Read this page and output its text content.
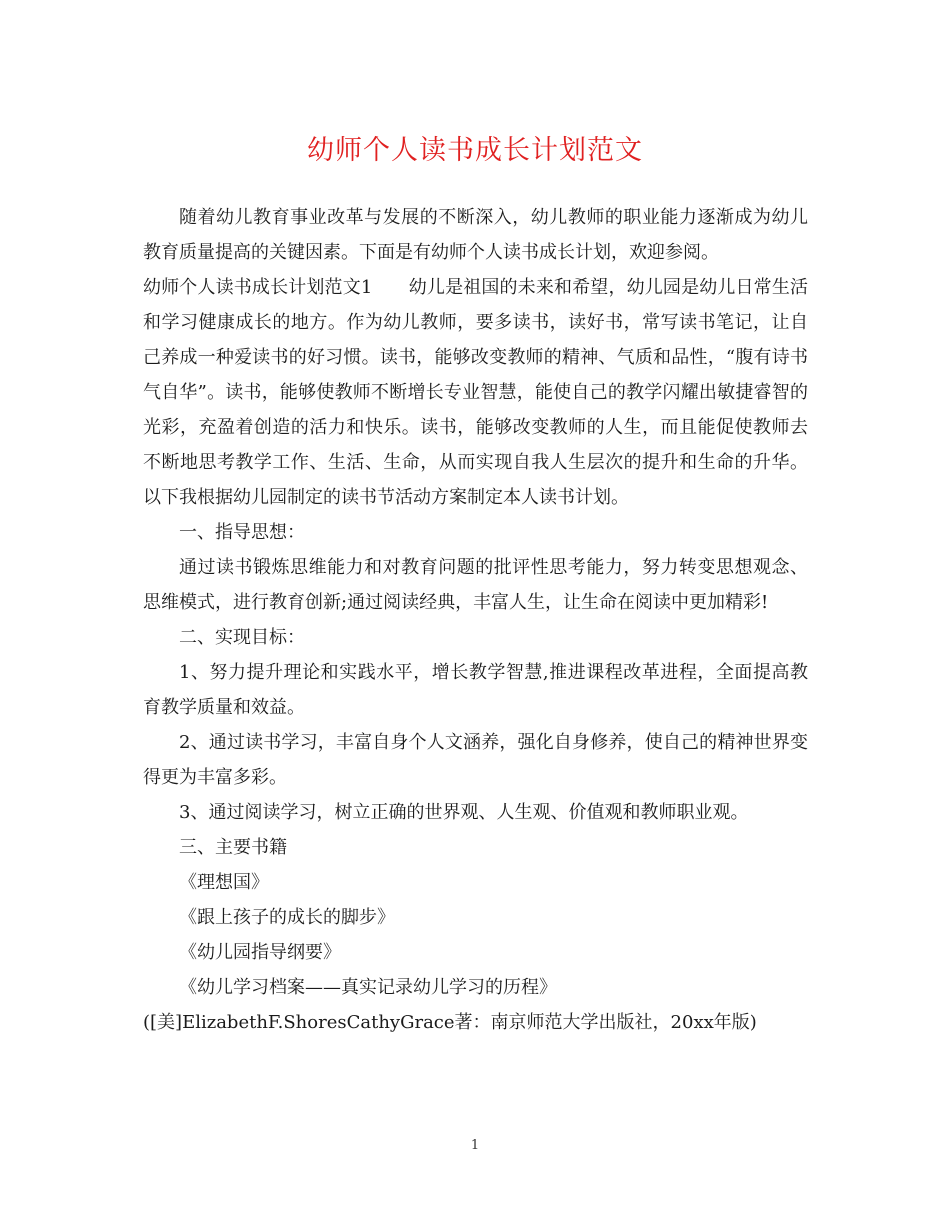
幼师个人读书成长计划范文

随着幼儿教育事业改革与发展的不断深入，幼儿教师的职业能力逐渐成为幼儿教育质量提高的关键因素。下面是有幼师个人读书成长计划，欢迎参阅。

幼师个人读书成长计划范文1　　幼儿是祖国的未来和希望，幼儿园是幼儿日常生活和学习健康成长的地方。作为幼儿教师，要多读书，读好书，常写读书笔记，让自己养成一种爱读书的好习惯。读书，能够改变教师的精神、气质和品性，“腹有诗书气自华”。读书，能够使教师不断增长专业智慧，能使自己的教学闪耀出敏捷睿智的光彩，充盈着创造的活力和快乐。读书，能够改变教师的人生，而且能促使教师去不断地思考教学工作、生活、生命，从而实现自我人生层次的提升和生命的升华。以下我根据幼儿园制定的读书节活动方案制定本人读书计划。

一、指导思想：

通过读书锻炼思维能力和对教育问题的批评性思考能力，努力转变思想观念、思维模式，进行教育创新;通过阅读经典，丰富人生，让生命在阅读中更加精彩!

二、实现目标：

1、努力提升理论和实践水平，增长教学智慧,推进课程改革进程，全面提高教育教学质量和效益。

2、通过读书学习，丰富自身个人文涵养，强化自身修养，使自己的精神世界变得更为丰富多彩。

3、通过阅读学习，树立正确的世界观、人生观、价值观和教师职业观。

三、主要书籍

《理想国》

《跟上孩子的成长的脚步》

《幼儿园指导纲要》

《幼儿学习档案——真实记录幼儿学习的历程》

([美]ElizabethF.ShoresCathyGrace著：南京师范大学出版社，20xx年版)

1
